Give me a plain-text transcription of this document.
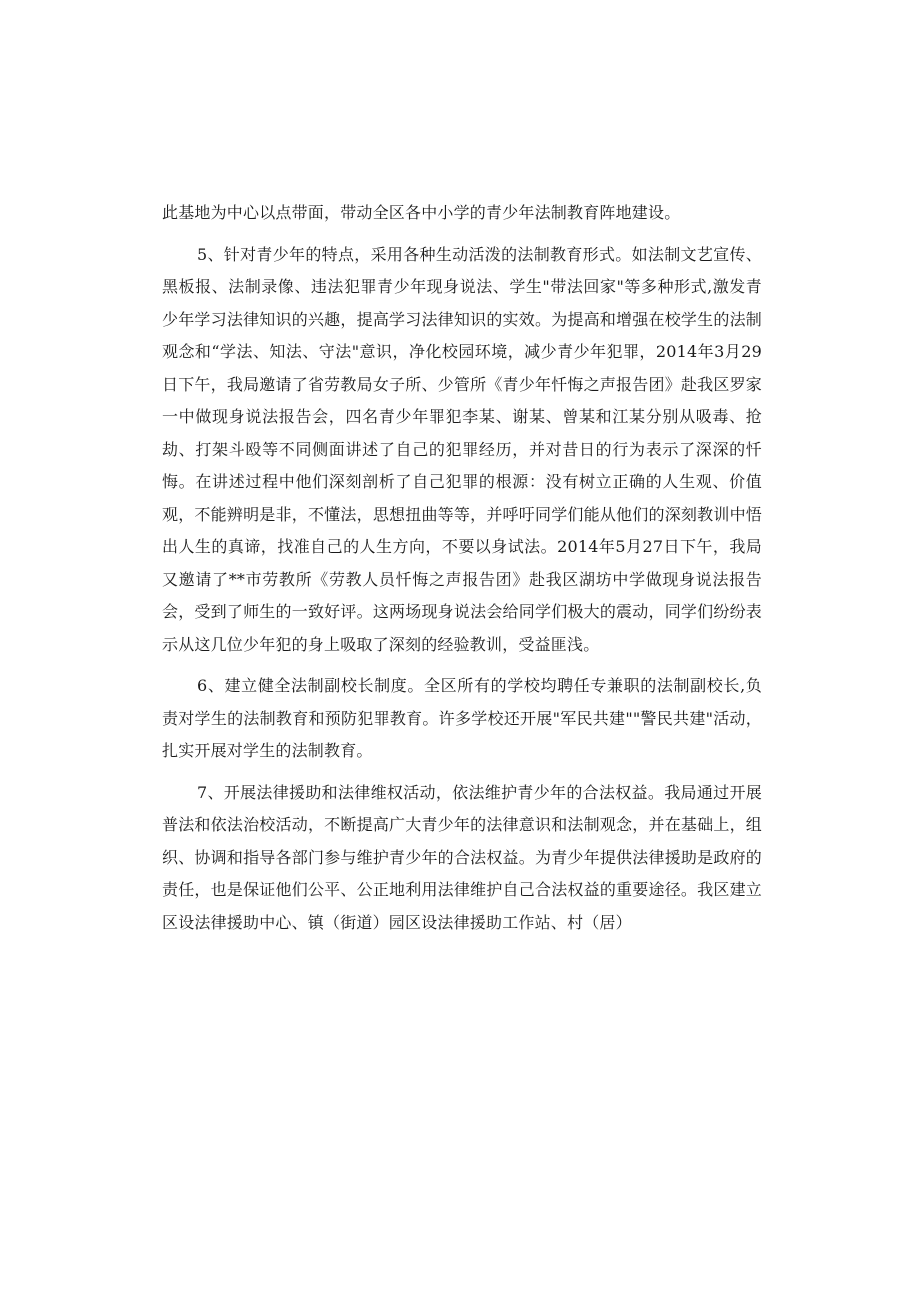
此基地为中心以点带面，带动全区各中小学的青少年法制教育阵地建设。

5、针对青少年的特点，采用各种生动活泼的法制教育形式。如法制文艺宣传、黑板报、法制录像、违法犯罪青少年现身说法、学生"带法回家"等多种形式,激发青少年学习法律知识的兴趣，提高学习法律知识的实效。为提高和增强在校学生的法制观念和“学法、知法、守法"意识，净化校园环境，减少青少年犯罪，2014年3月29日下午，我局邀请了省劳教局女子所、少管所《青少年忏悔之声报告团》赴我区罗家一中做现身说法报告会，四名青少年罪犯李某、谢某、曾某和江某分别从吸毒、抢劫、打架斗殴等不同侧面讲述了自己的犯罪经历，并对昔日的行为表示了深深的忏悔。在讲述过程中他们深刻剖析了自己犯罪的根源：没有树立正确的人生观、价值观，不能辨明是非，不懂法，思想扭曲等等，并呼吁同学们能从他们的深刻教训中悟出人生的真谛，找准自己的人生方向，不要以身试法。2014年5月27日下午，我局又邀请了**市劳教所《劳教人员忏悔之声报告团》赴我区湖坊中学做现身说法报告会，受到了师生的一致好评。这两场现身说法会给同学们极大的震动，同学们纷纷表示从这几位少年犯的身上吸取了深刻的经验教训，受益匪浅。

6、建立健全法制副校长制度。全区所有的学校均聘任专兼职的法制副校长,负责对学生的法制教育和预防犯罪教育。许多学校还开展"军民共建""警民共建"活动，扎实开展对学生的法制教育。

7、开展法律援助和法律维权活动，依法维护青少年的合法权益。我局通过开展普法和依法治校活动，不断提高广大青少年的法律意识和法制观念，并在基础上，组织、协调和指导各部门参与维护青少年的合法权益。为青少年提供法律援助是政府的责任，也是保证他们公平、公正地利用法律维护自己合法权益的重要途径。我区建立区设法律援助中心、镇（街道）园区设法律援助工作站、村（居）
